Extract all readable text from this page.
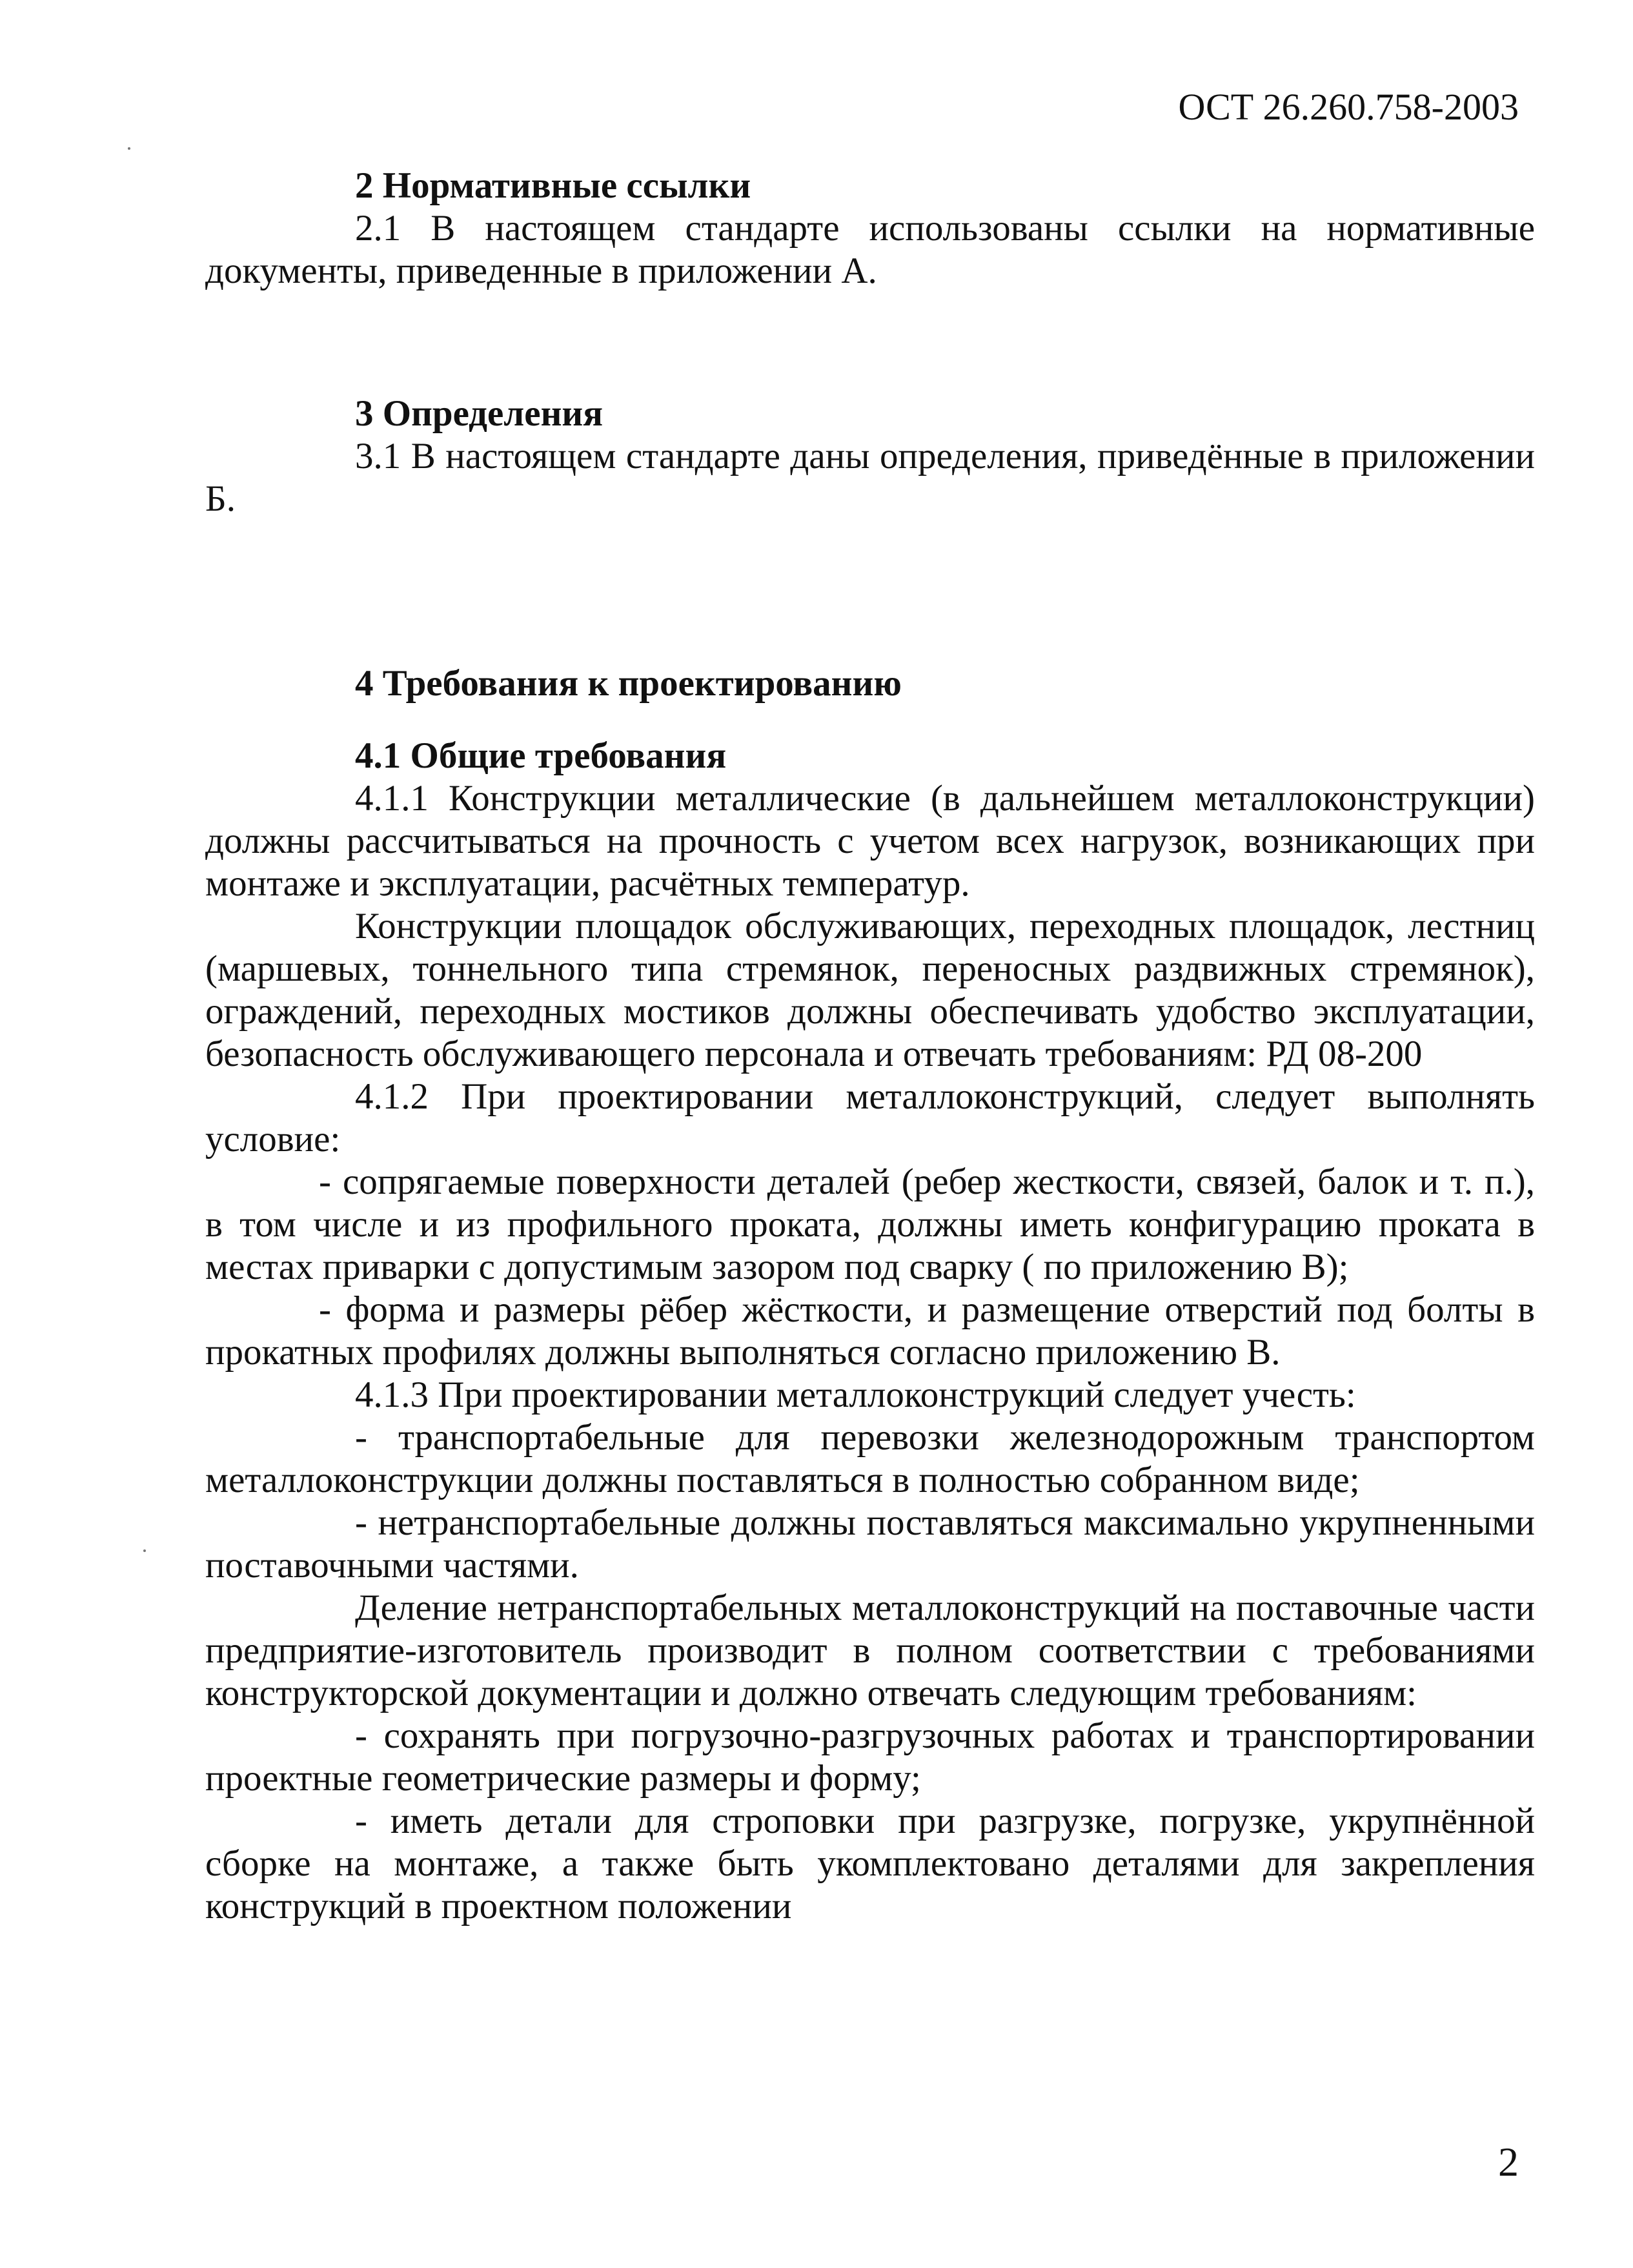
ОСТ 26.260.758-2003
2 Нормативные ссылки

2.1 В настоящем стандарте использованы ссылки на нормативные документы, приведенные в приложении А.

3 Определения

3.1 В настоящем стандарте даны определения, приведённые в приложении Б.

4 Требования к проектированию
4.1 Общие требования

4.1.1 Конструкции металлические (в дальнейшем металлоконструкции) должны рассчитываться на прочность с учетом всех нагрузок, возникающих при монтаже и эксплуатации, расчётных температур.

Конструкции площадок обслуживающих, переходных площадок, лестниц (маршевых, тоннельного типа стремянок, переносных раздвижных стремянок), ограждений, переходных мостиков должны обеспечивать удобство эксплуатации, безопасность обслуживающего персонала и отвечать требованиям: РД 08-200

4.1.2 При проектировании металлоконструкций, следует выполнять условие:

- сопрягаемые поверхности деталей (ребер жесткости, связей, балок и т. п.), в том числе и из профильного проката, должны иметь конфигурацию проката в местах приварки с допустимым зазором под сварку ( по приложению В);

- форма и размеры рёбер жёсткости, и размещение отверстий под болты в прокатных профилях должны выполняться согласно приложению В.

4.1.3 При проектировании металлоконструкций следует учесть:

- транспортабельные для перевозки железнодорожным транспортом металлоконструкции должны поставляться в полностью собранном виде;

- нетранспортабельные должны поставляться максимально укрупненными поставочными частями.

Деление нетранспортабельных металлоконструкций на поставочные части предприятие-изготовитель производит в полном соответствии с требованиями конструкторской документации и должно отвечать следующим требованиям:

- сохранять при погрузочно-разгрузочных работах и транспортировании проектные геометрические размеры и форму;

- иметь детали для строповки при разгрузке, погрузке, укрупнённой сборке на монтаже, а также быть укомплектовано деталями для закрепления конструкций в проектном положении

2
